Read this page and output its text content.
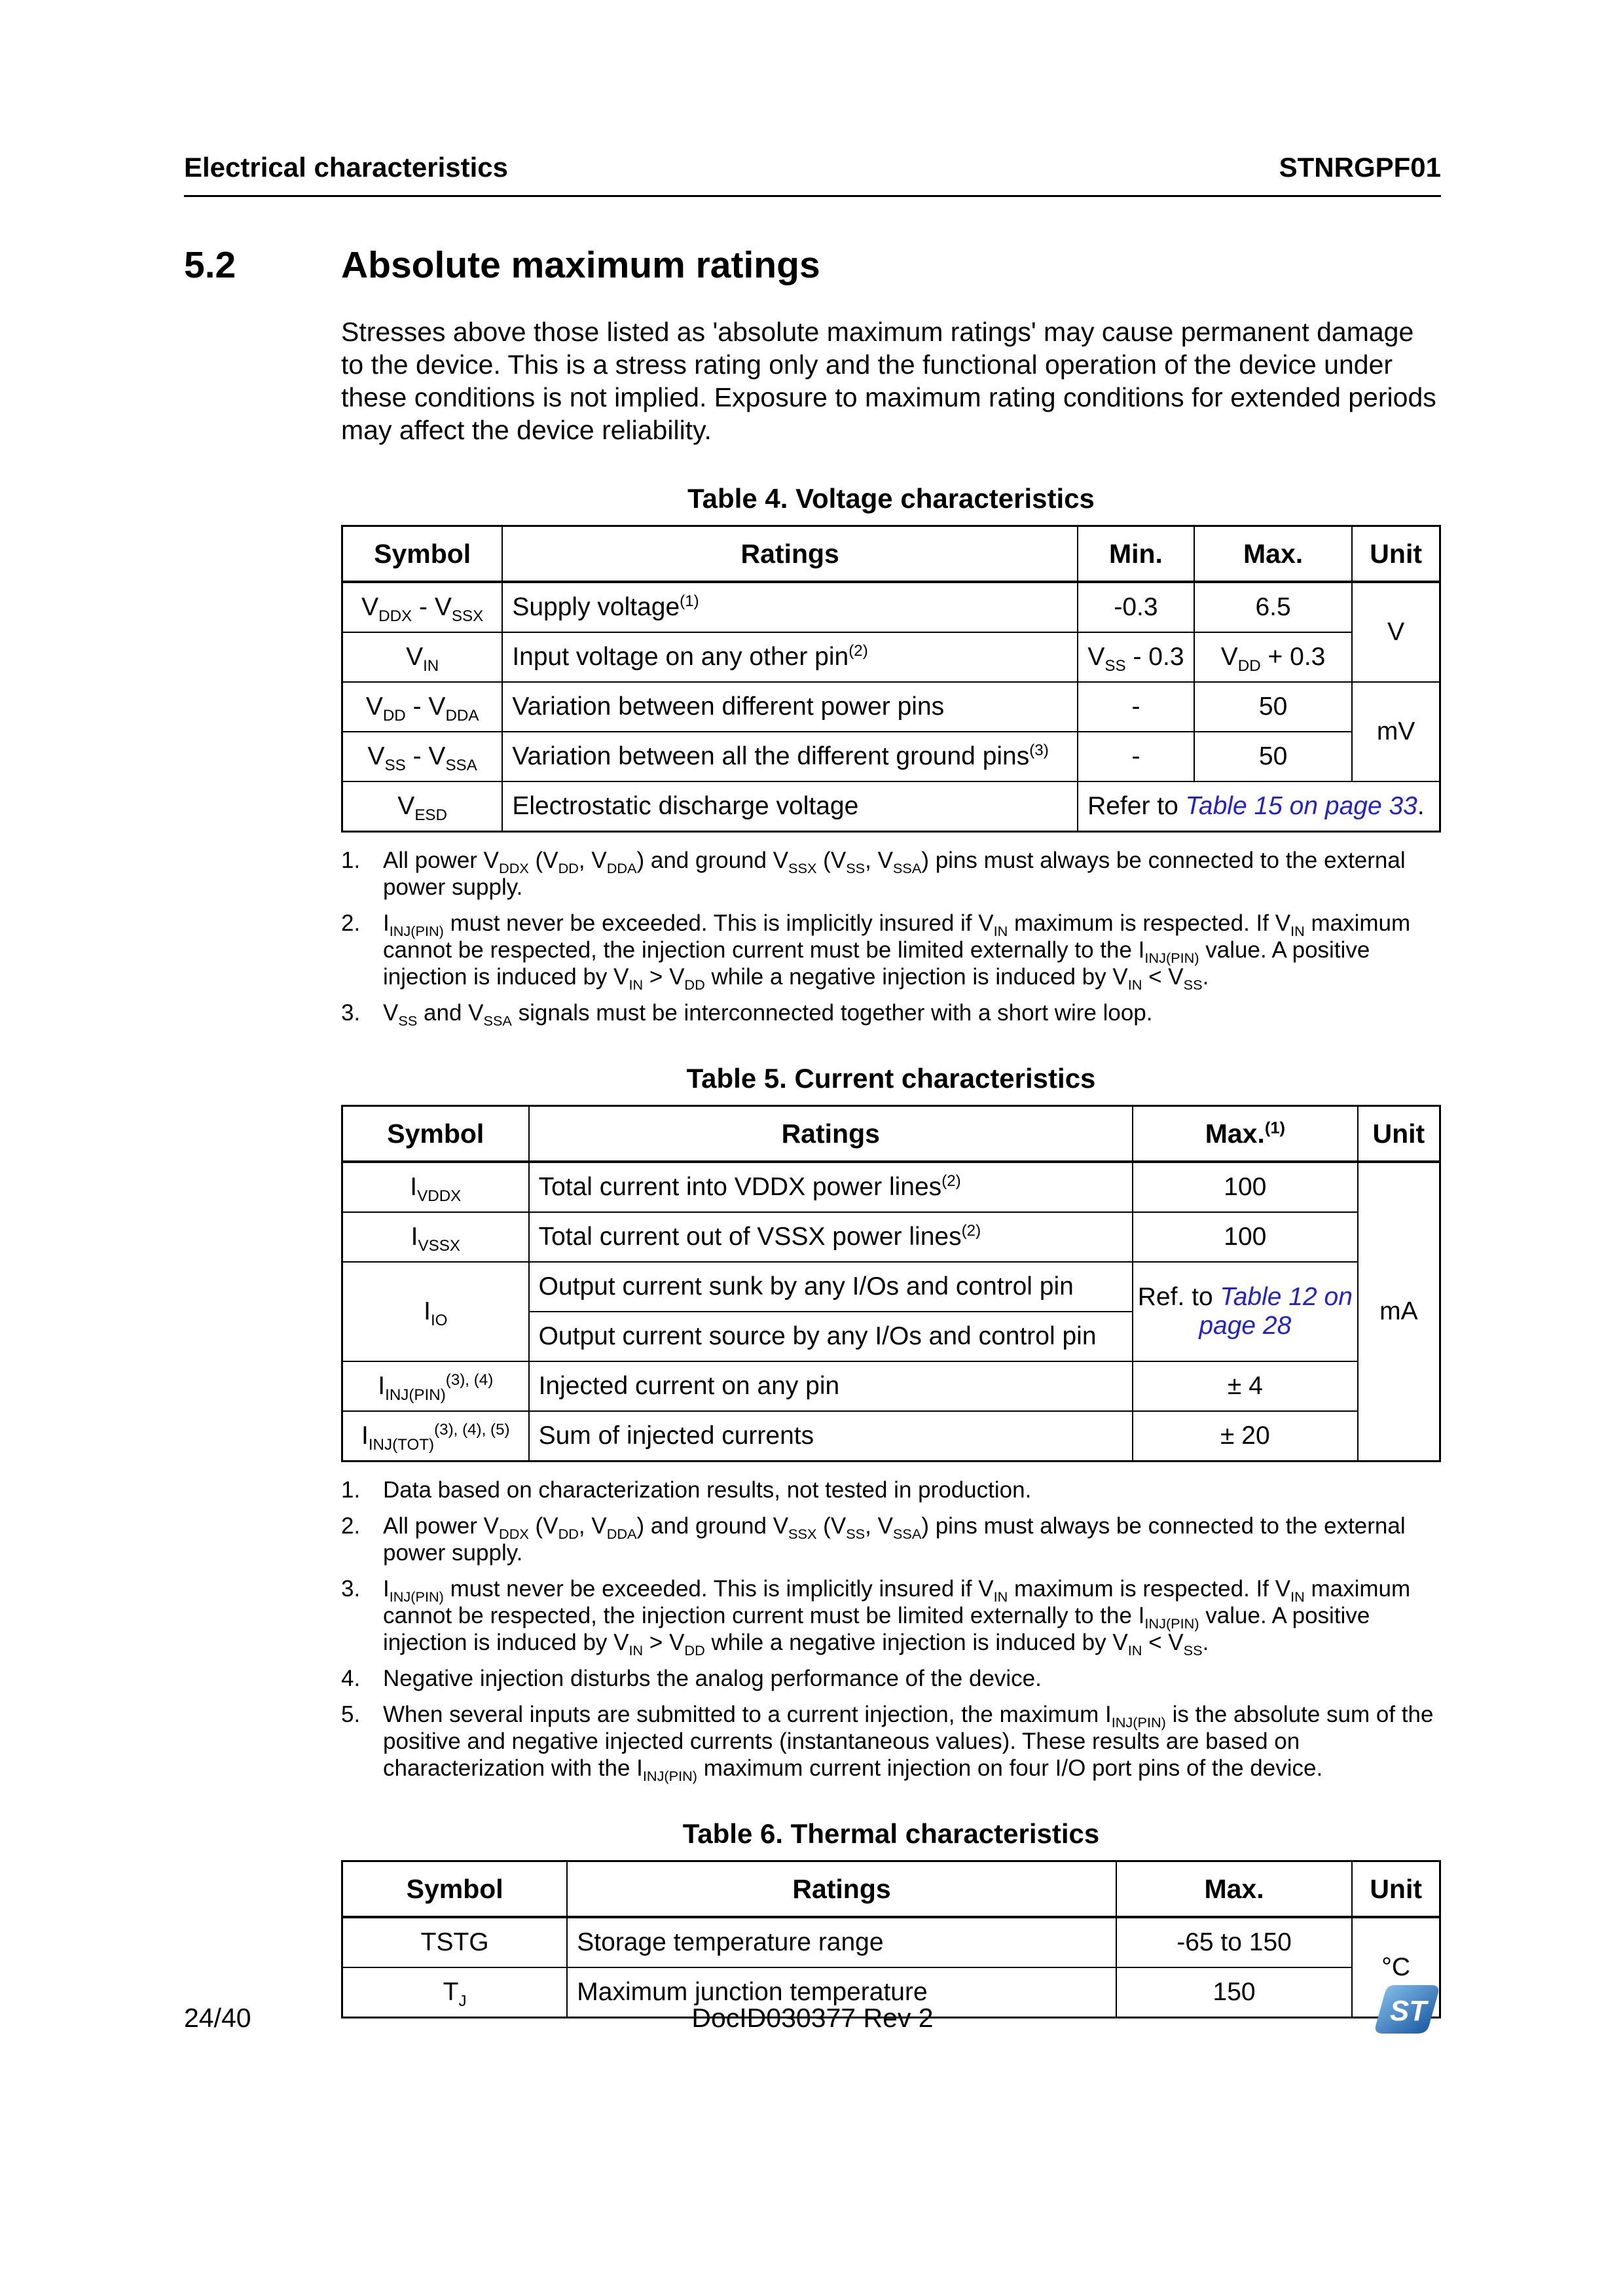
Electrical characteristics	STNRGPF01
5.2	Absolute maximum ratings

Stresses above those listed as 'absolute maximum ratings' may cause permanent damage to the device. This is a stress rating only and the functional operation of the device under these conditions is not implied. Exposure to maximum rating conditions for extended periods may affect the device reliability.

Table 4. Voltage characteristics
Symbol	Ratings	Min.	Max.	Unit
$V_{DDX} - V_{SSX}$	Supply voltage$^{(1)}$	-0.3	6.5	V
$V_{IN}$	Input voltage on any other pin$^{(2)}$	$V_{SS} - 0.3$	$V_{DD} + 0.3$	
$V_{DD} - V_{DDA}$	Variation between different power pins	-	50	mV
$V_{SS} - V_{SSA}$	Variation between all the different ground pins$^{(3)}$	-	50	
$V_{ESD}$	Electrostatic discharge voltage	Refer to Table 15 on page 33.		
1. All power $V_{DDX}$ ($V_{DD}$, $V_{DDA}$) and ground $V_{SSX}$ ($V_{SS}$, $V_{SSA}$) pins must always be connected to the external power supply.
2. $I_{INJ(PIN)}$ must never be exceeded. This is implicitly insured if $V_{IN}$ maximum is respected. If $V_{IN}$ maximum cannot be respected, the injection current must be limited externally to the $I_{INJ(PIN)}$ value. A positive injection is induced by $V_{IN} > V_{DD}$ while a negative injection is induced by $V_{IN} < V_{SS}$.
3. $V_{SS}$ and $V_{SSA}$ signals must be interconnected together with a short wire loop.
Table 5. Current characteristics
Symbol	Ratings	Max.$^{(1)}$	Unit
$I_{VDDX}$	Total current into VDDX power lines$^{(2)}$	100	mA
$I_{VSSX}$	Total current out of VSSX power lines$^{(2)}$	100	
$I_{IO}$	Output current sunk by any I/Os and control pin	Ref. to Table 12 on page 28	
	Output current source by any I/Os and control pin		
$I_{INJ(PIN)}^{(3), (4)}$	Injected current on any pin	± 4	
$I_{INJ(TOT)}^{(3), (4), (5)}$	Sum of injected currents	± 20	
1. Data based on characterization results, not tested in production.
2. All power $V_{DDX}$ ($V_{DD}$, $V_{DDA}$) and ground $V_{SSX}$ ($V_{SS}$, $V_{SSA}$) pins must always be connected to the external power supply.
3. $I_{INJ(PIN)}$ must never be exceeded. This is implicitly insured if $V_{IN}$ maximum is respected. If $V_{IN}$ maximum cannot be respected, the injection current must be limited externally to the $I_{INJ(PIN)}$ value. A positive injection is induced by $V_{IN} > V_{DD}$ while a negative injection is induced by $V_{IN} < V_{SS}$.
4. Negative injection disturbs the analog performance of the device.
5. When several inputs are submitted to a current injection, the maximum $I_{INJ(PIN)}$ is the absolute sum of the positive and negative injected currents (instantaneous values). These results are based on characterization with the $I_{INJ(PIN)}$ maximum current injection on four I/O port pins of the device.
Table 6. Thermal characteristics
Symbol	Ratings	Max.	Unit
TSTG	Storage temperature range	-65 to 150	°C
$T_J$	Maximum junction temperature	150	
24/40	DocID030377 Rev 2	ST
